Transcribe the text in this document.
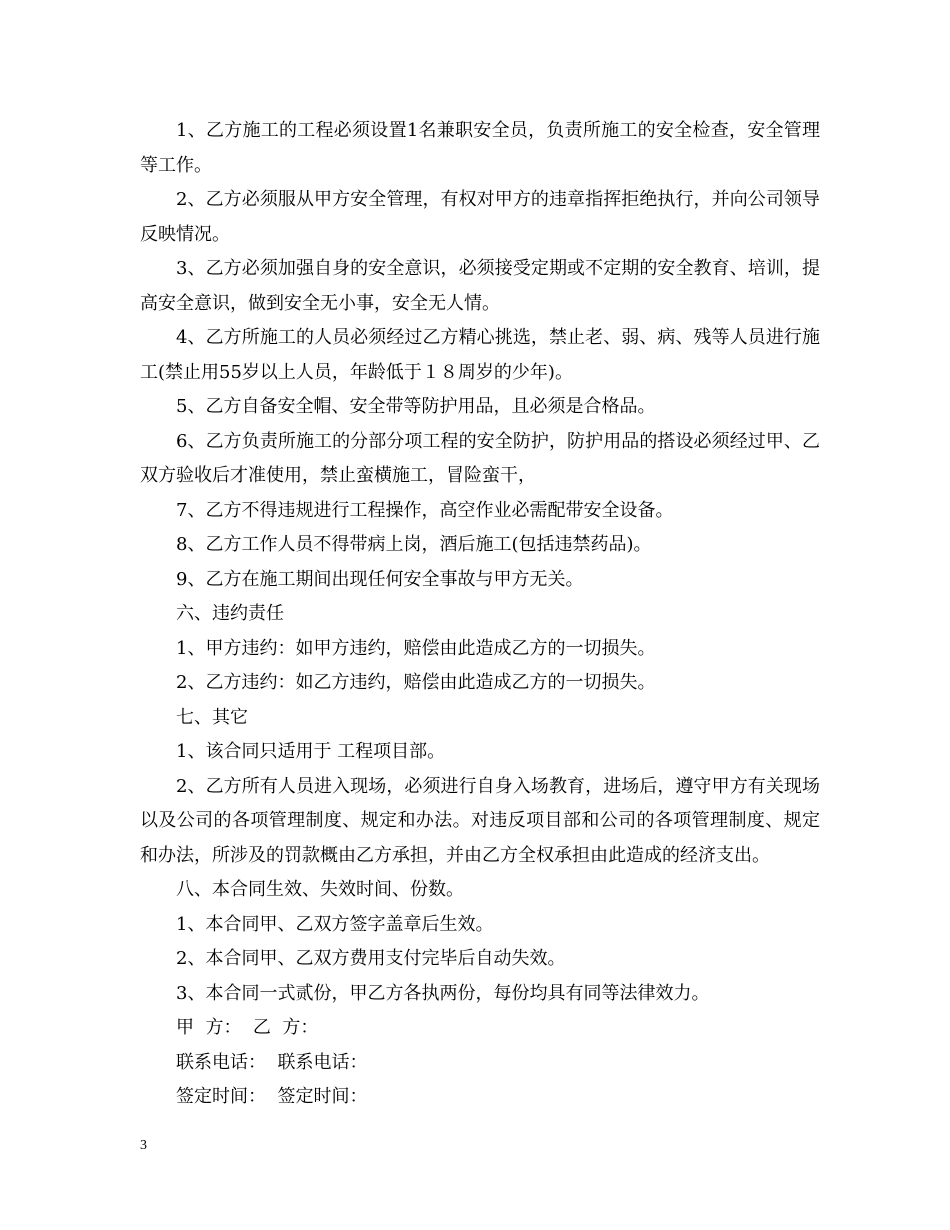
1、乙方施工的工程必须设置1名兼职安全员，负责所施工的安全检查，安全管理等工作。

2、乙方必须服从甲方安全管理，有权对甲方的违章指挥拒绝执行，并向公司领导反映情况。

3、乙方必须加强自身的安全意识，必须接受定期或不定期的安全教育、培训，提高安全意识，做到安全无小事，安全无人情。

4、乙方所施工的人员必须经过乙方精心挑选，禁止老、弱、病、残等人员进行施工(禁止用55岁以上人员，年龄低于１８周岁的少年)。

5、乙方自备安全帽、安全带等防护用品，且必须是合格品。

6、乙方负责所施工的分部分项工程的安全防护，防护用品的搭设必须经过甲、乙双方验收后才准使用，禁止蛮横施工，冒险蛮干，

7、乙方不得违规进行工程操作，高空作业必需配带安全设备。

8、乙方工作人员不得带病上岗，酒后施工(包括违禁药品)。

9、乙方在施工期间出现任何安全事故与甲方无关。

六、违约责任

1、甲方违约：如甲方违约，赔偿由此造成乙方的一切损失。

2、乙方违约：如乙方违约，赔偿由此造成乙方的一切损失。

七、其它

1、该合同只适用于 工程项目部。

2、乙方所有人员进入现场，必须进行自身入场教育，进场后，遵守甲方有关现场以及公司的各项管理制度、规定和办法。对违反项目部和公司的各项管理制度、规定和办法，所涉及的罚款概由乙方承担，并由乙方全权承担由此造成的经济支出。

八、本合同生效、失效时间、份数。

1、本合同甲、乙双方签字盖章后生效。

2、本合同甲、乙双方费用支付完毕后自动失效。

3、本合同一式贰份，甲乙方各执两份，每份均具有同等法律效力。

甲  方：  乙  方：

联系电话：  联系电话：

签定时间：  签定时间：

3
